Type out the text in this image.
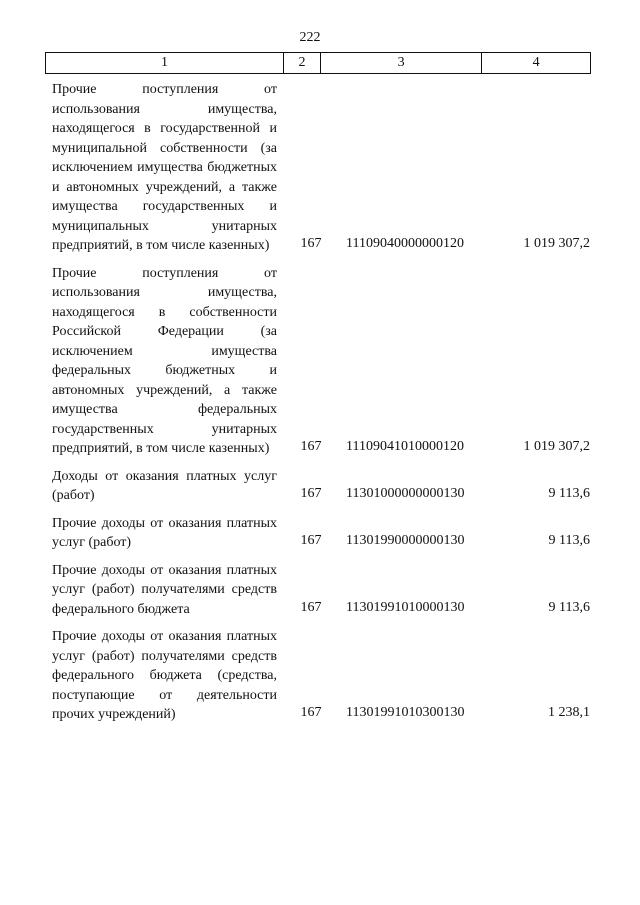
222
1	2	3	4
Прочие поступления от использования имущества, находящегося в государственной и муниципальной собственности (за исключением имущества бюджетных и автономных учреждений, а также имущества государственных и муниципальных унитарных предприятий, в том числе казенных)	167	11109040000000120	1 019 307,2
Прочие поступления от использования имущества, находящегося в собственности Российской Федерации (за исключением имущества федеральных бюджетных и автономных учреждений, а также имущества федеральных государственных унитарных предприятий, в том числе казенных)	167	11109041010000120	1 019 307,2
Доходы от оказания платных услуг (работ)	167	11301000000000130	9 113,6
Прочие доходы от оказания платных услуг (работ)	167	11301990000000130	9 113,6
Прочие доходы от оказания платных услуг (работ) получателями средств федерального бюджета	167	11301991010000130	9 113,6
Прочие доходы от оказания платных услуг (работ) получателями средств федерального бюджета (средства, поступающие от деятельности прочих учреждений)	167	11301991010300130	1 238,1
